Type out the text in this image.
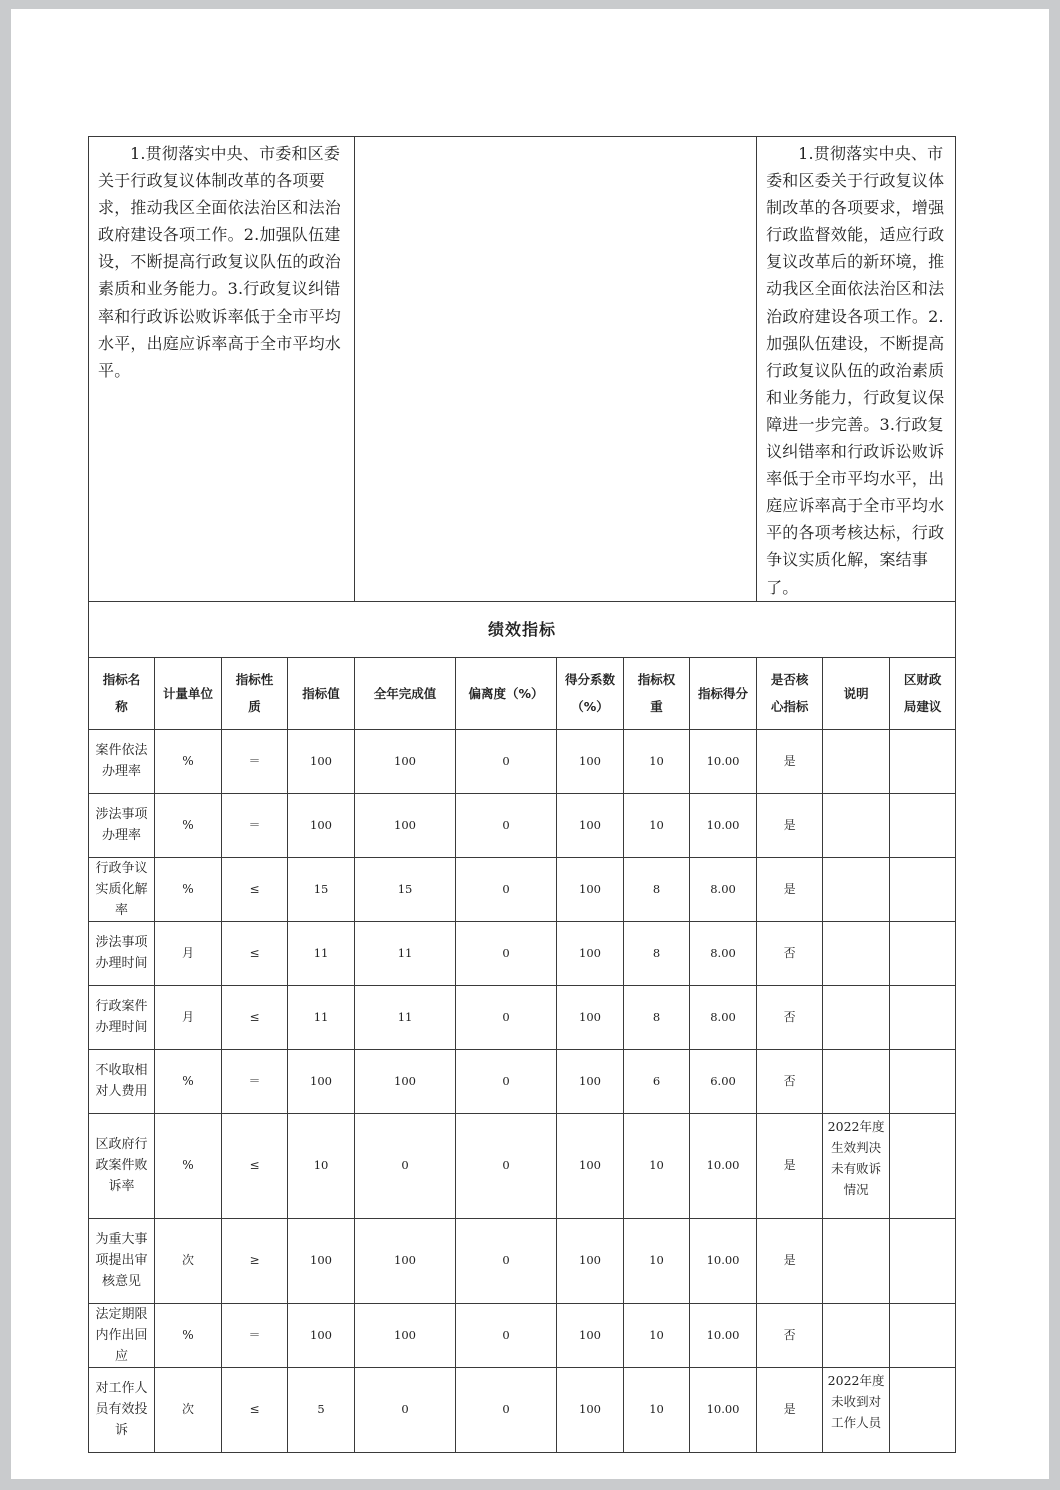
1.贯彻落实中央、市委和区委关于行政复议体制改革的各项要求，推动我区全面依法治区和法治政府建设各项工作。2.加强队伍建设，不断提高行政复议队伍的政治素质和业务能力。3.行政复议纠错率和行政诉讼败诉率低于全市平均水平，出庭应诉率高于全市平均水平。									1.贯彻落实中央、市委和区委关于行政复议体制改革的各项要求，增强行政监督效能，适应行政复议改革后的新环境，推动我区全面依法治区和法治政府建设各项工作。2.加强队伍建设，不断提高行政复议队伍的政治素质和业务能力，行政复议保障进一步完善。3.行政复议纠错率和行政诉讼败诉率低于全市平均水平，出庭应诉率高于全市平均水平的各项考核达标，行政争议实质化解，案结事了。		
绩效指标											
指标名称	计量单位	指标性质	指标值	全年完成值	偏离度（%）	得分系数（%）	指标权重	指标得分	是否核心指标	说明	区财政局建议
案件依法办理率	%	＝	100	100	0	100	10	10.00	是		
涉法事项办理率	%	＝	100	100	0	100	10	10.00	是		
行政争议实质化解率	%	≤	15	15	0	100	8	8.00	是		
涉法事项办理时间	月	≤	11	11	0	100	8	8.00	否		
行政案件办理时间	月	≤	11	11	0	100	8	8.00	否		
不收取相对人费用	%	＝	100	100	0	100	6	6.00	否		
区政府行政案件败诉率	%	≤	10	0	0	100	10	10.00	是	2022年度生效判决未有败诉情况	
为重大事项提出审核意见	次	≥	100	100	0	100	10	10.00	是		
法定期限内作出回应	%	＝	100	100	0	100	10	10.00	否		
对工作人员有效投诉	次	≤	5	0	0	100	10	10.00	是	2022年度未收到对工作人员	
